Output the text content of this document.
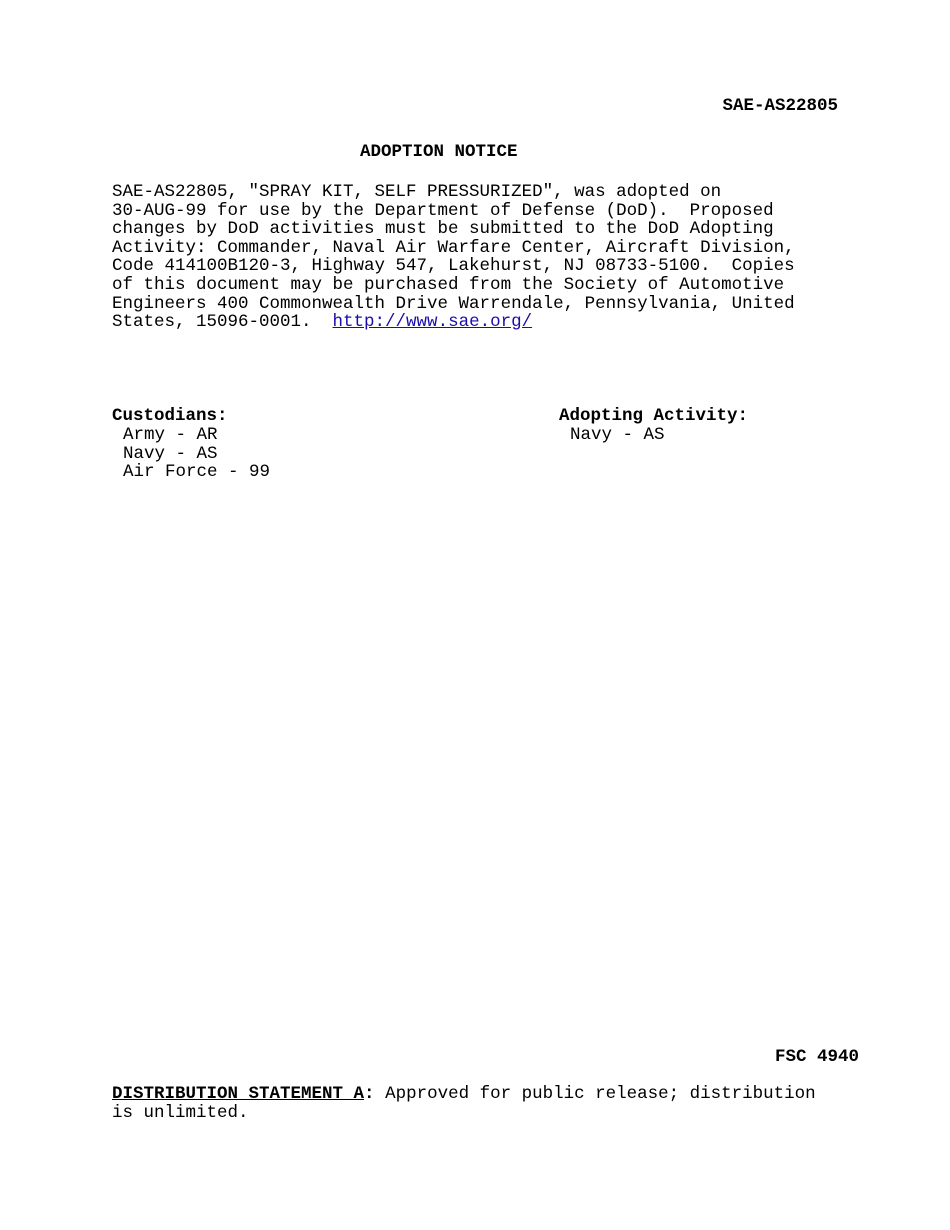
SAE-AS22805
ADOPTION NOTICE
SAE-AS22805, "SPRAY KIT, SELF PRESSURIZED", was adopted on
30-AUG-99 for use by the Department of Defense (DoD).  Proposed
changes by DoD activities must be submitted to the DoD Adopting
Activity: Commander, Naval Air Warfare Center, Aircraft Division,
Code 414100B120-3, Highway 547, Lakehurst, NJ 08733-5100.  Copies
of this document may be purchased from the Society of Automotive
Engineers 400 Commonwealth Drive Warrendale, Pennsylvania, United
States, 15096-0001.  http://www.sae.org/
Custodians:
Army - AR
Navy - AS
Air Force - 99
Adopting Activity:
Navy - AS
FSC 4940
DISTRIBUTION STATEMENT A: Approved for public release; distribution
is unlimited.
